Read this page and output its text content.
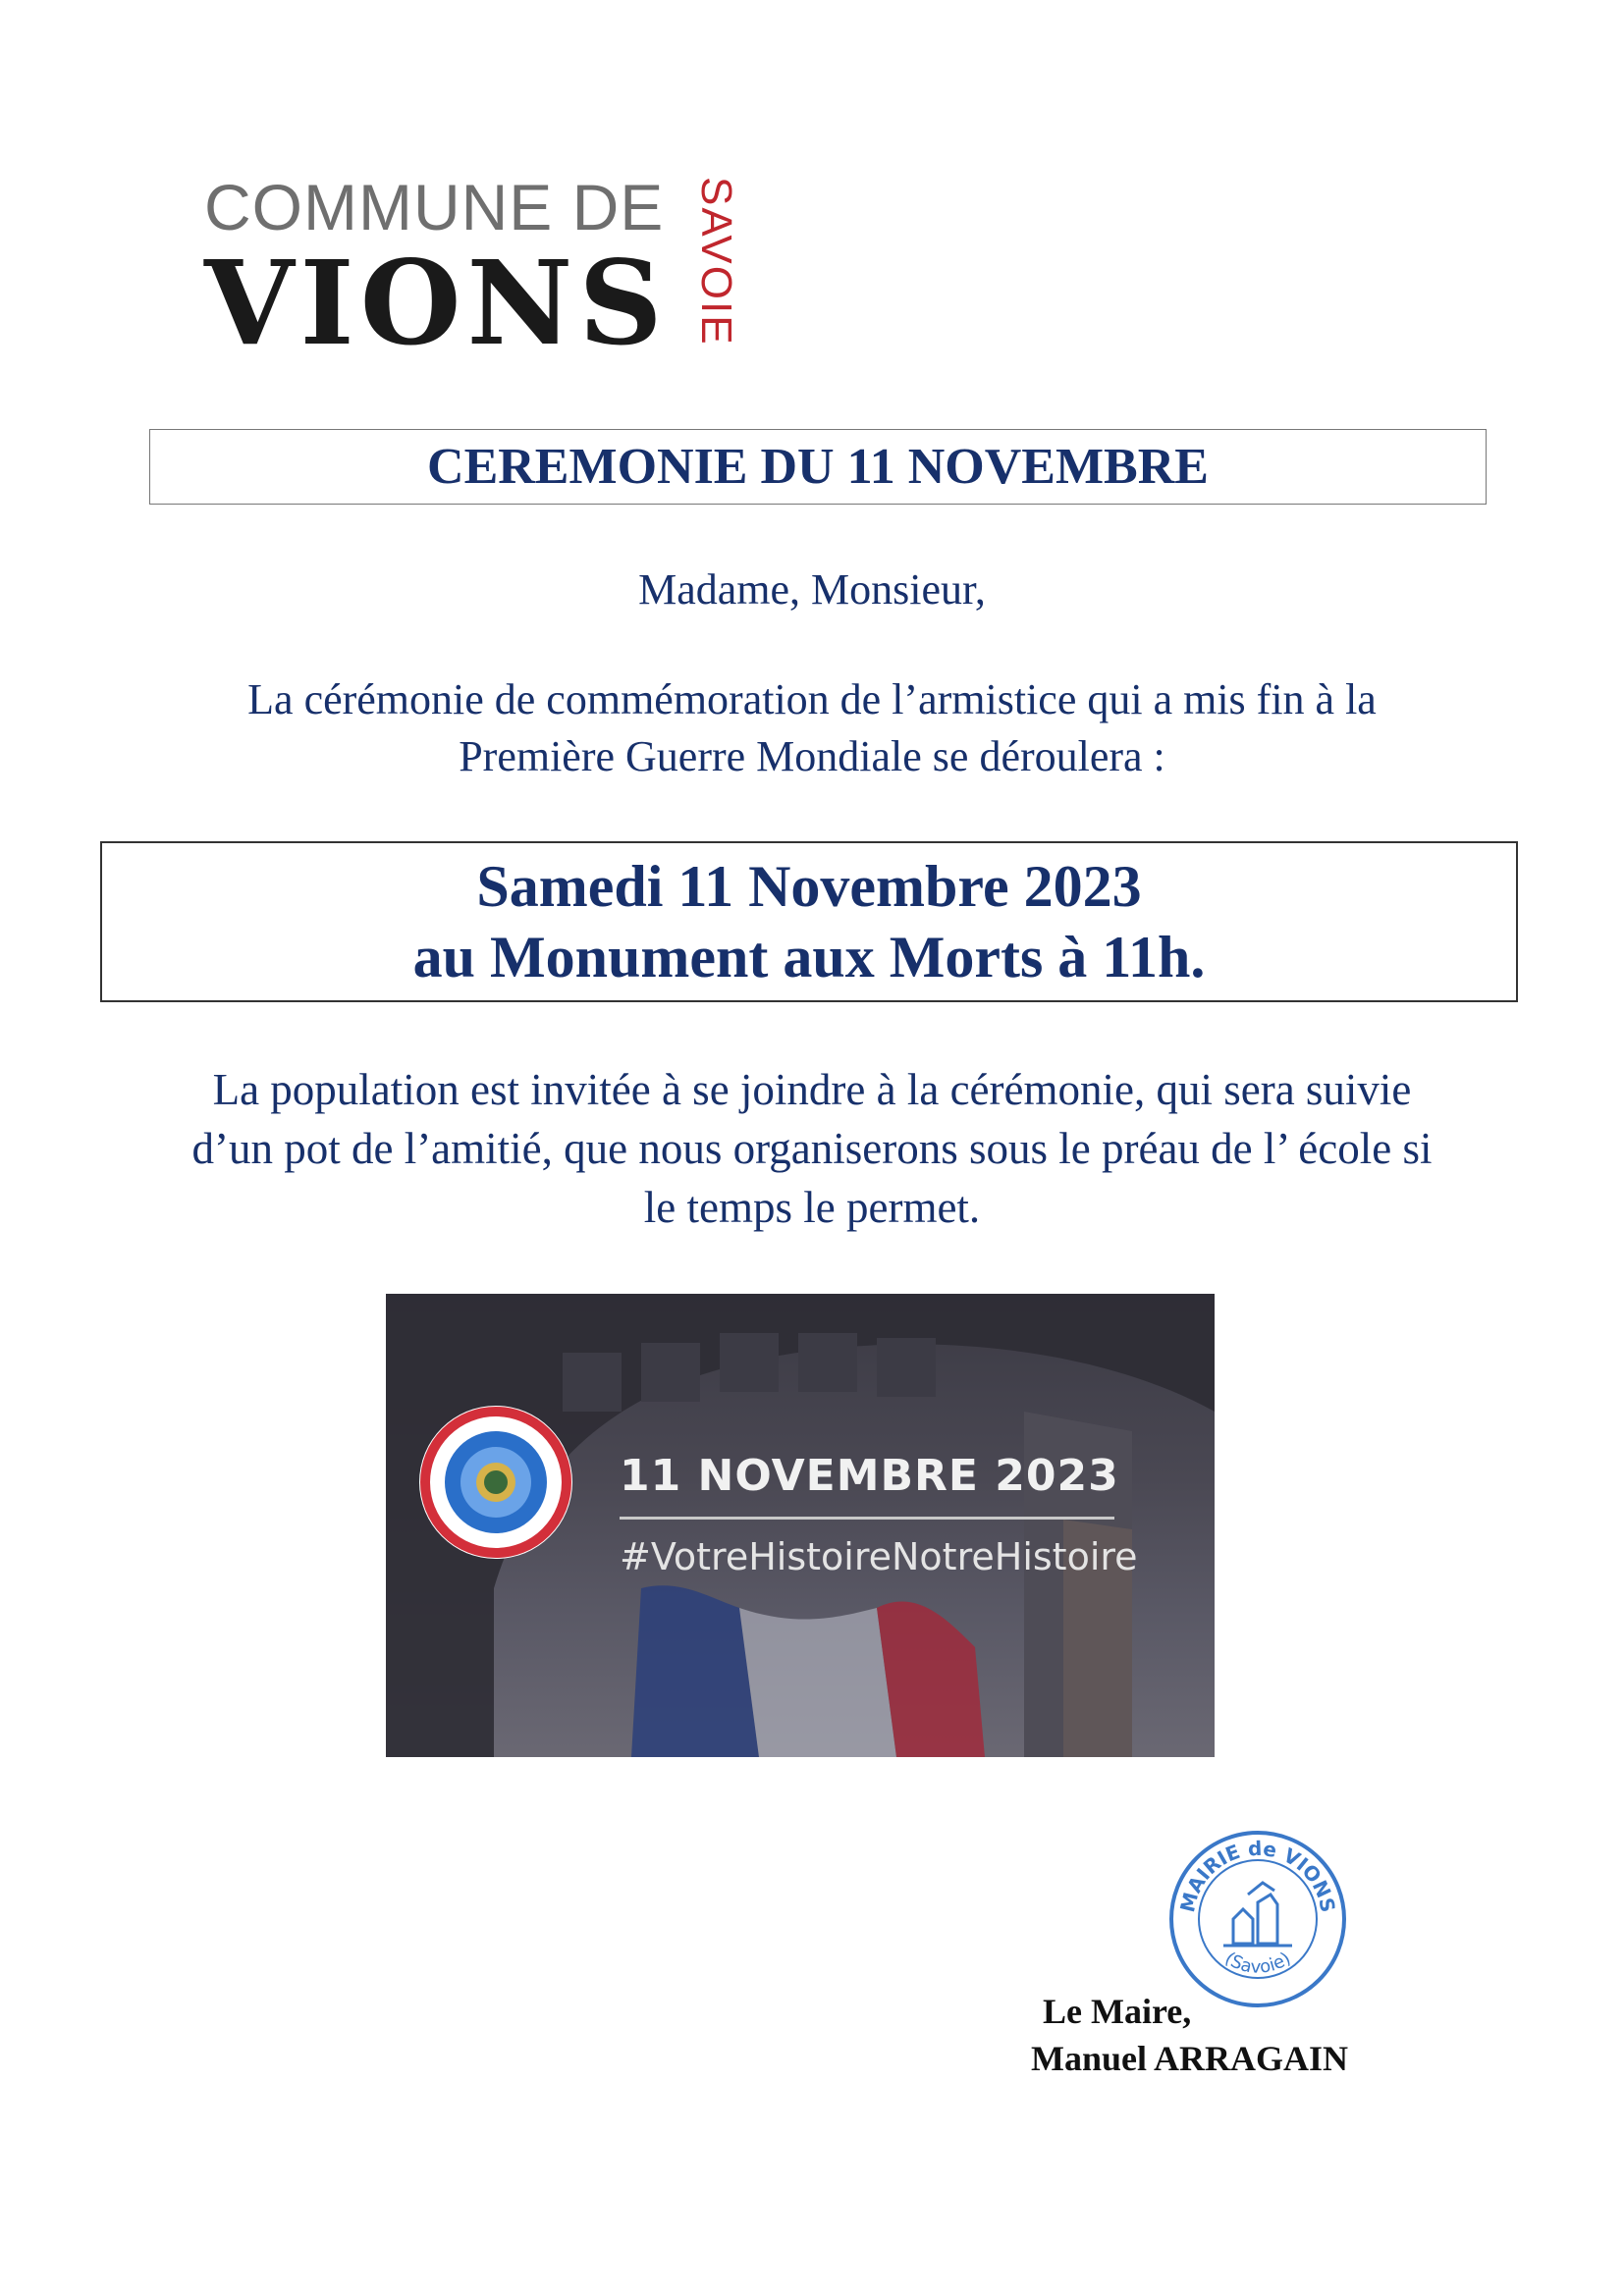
COMMUNE DE
VIONS SAVOIE
CEREMONIE DU 11 NOVEMBRE
Madame, Monsieur,
La cérémonie de commémoration de l’armistice qui a mis fin à la
Première Guerre Mondiale se déroulera :
Samedi 11 Novembre 2023
au Monument aux Morts à 11h.
La population est invitée à se joindre à la cérémonie, qui sera suivie
d’un pot de l’amitié, que nous organiserons sous le préau de l’ école si
le temps le permet.
11 NOVEMBRE 2023
#VotreHistoireNotreHistoire
MAIRIE de VIONS
(Savoie)
Le Maire,
Manuel ARRAGAIN
